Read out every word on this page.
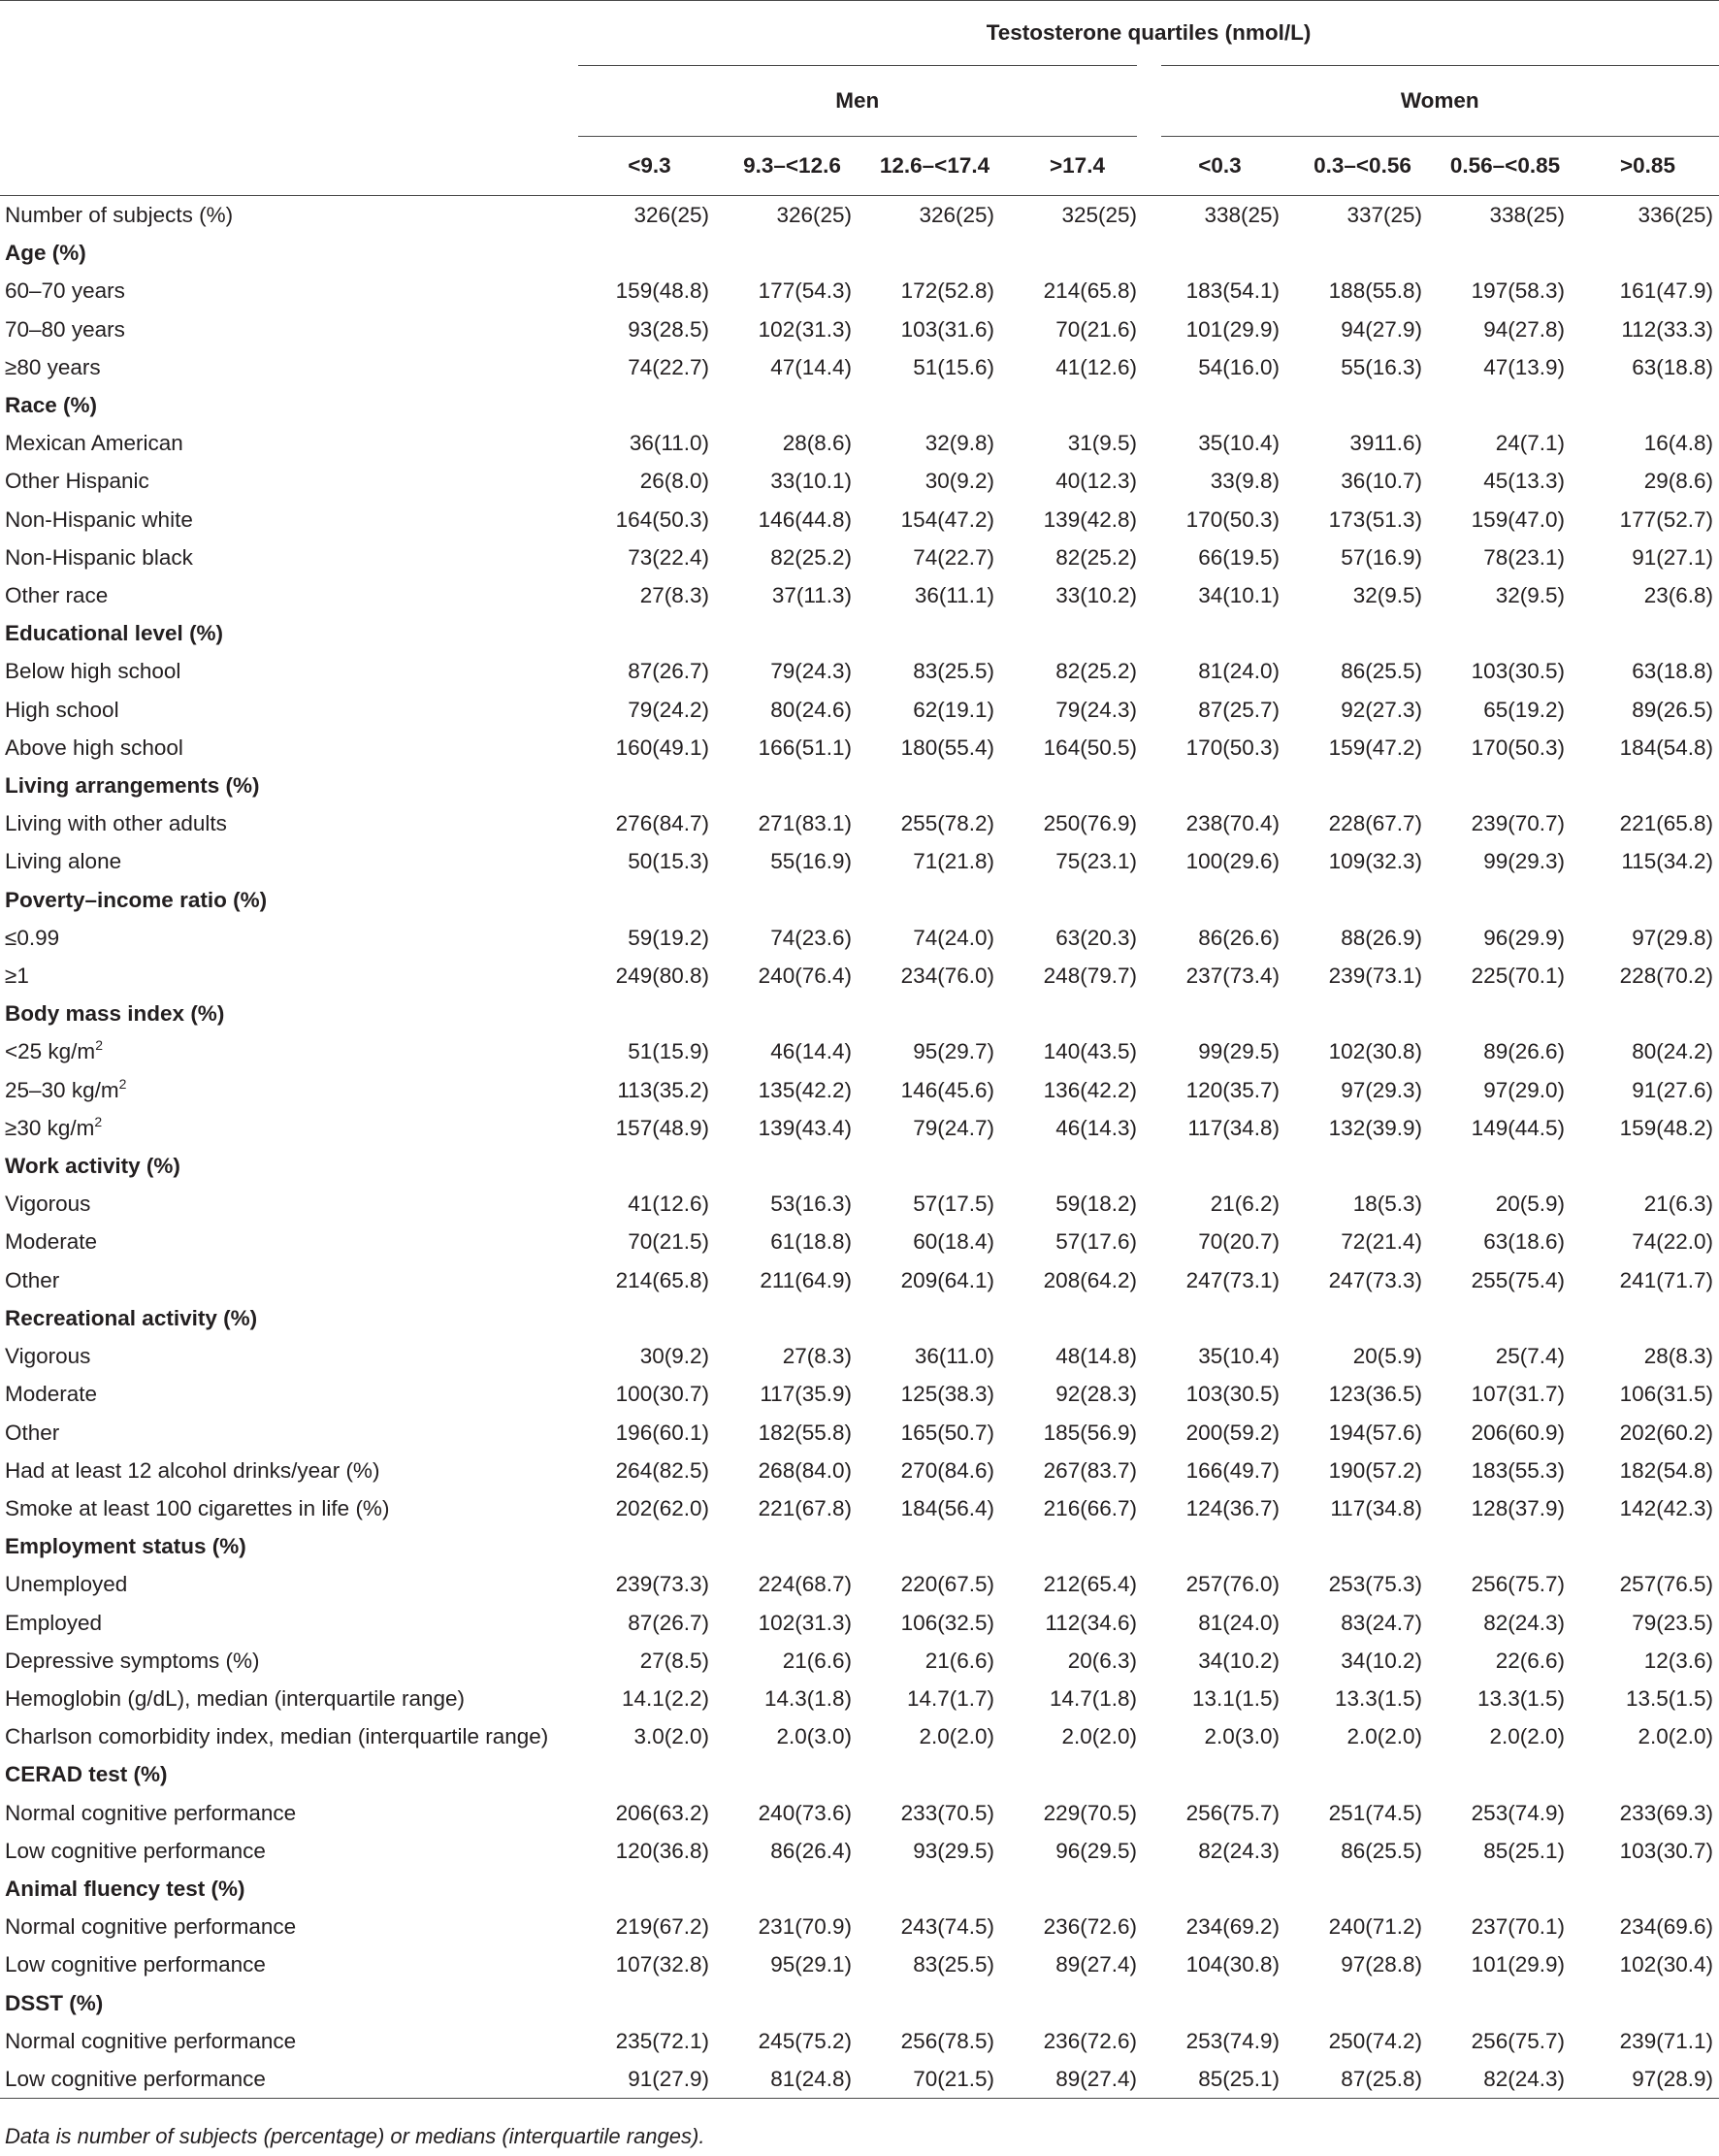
	Testosterone quartiles (nmol/L)							
	Men				Women			
	<9.3	9.3–<12.6	12.6–<17.4	>17.4	<0.3	0.3–<0.56	0.56–<0.85	>0.85
Number of subjects (%)	326(25)	326(25)	326(25)	325(25)	338(25)	337(25)	338(25)	336(25)
Age (%)								
60–70 years	159(48.8)	177(54.3)	172(52.8)	214(65.8)	183(54.1)	188(55.8)	197(58.3)	161(47.9)
70–80 years	93(28.5)	102(31.3)	103(31.6)	70(21.6)	101(29.9)	94(27.9)	94(27.8)	112(33.3)
≥80 years	74(22.7)	47(14.4)	51(15.6)	41(12.6)	54(16.0)	55(16.3)	47(13.9)	63(18.8)
Race (%)								
Mexican American	36(11.0)	28(8.6)	32(9.8)	31(9.5)	35(10.4)	3911.6)	24(7.1)	16(4.8)
Other Hispanic	26(8.0)	33(10.1)	30(9.2)	40(12.3)	33(9.8)	36(10.7)	45(13.3)	29(8.6)
Non-Hispanic white	164(50.3)	146(44.8)	154(47.2)	139(42.8)	170(50.3)	173(51.3)	159(47.0)	177(52.7)
Non-Hispanic black	73(22.4)	82(25.2)	74(22.7)	82(25.2)	66(19.5)	57(16.9)	78(23.1)	91(27.1)
Other race	27(8.3)	37(11.3)	36(11.1)	33(10.2)	34(10.1)	32(9.5)	32(9.5)	23(6.8)
Educational level (%)								
Below high school	87(26.7)	79(24.3)	83(25.5)	82(25.2)	81(24.0)	86(25.5)	103(30.5)	63(18.8)
High school	79(24.2)	80(24.6)	62(19.1)	79(24.3)	87(25.7)	92(27.3)	65(19.2)	89(26.5)
Above high school	160(49.1)	166(51.1)	180(55.4)	164(50.5)	170(50.3)	159(47.2)	170(50.3)	184(54.8)
Living arrangements (%)								
Living with other adults	276(84.7)	271(83.1)	255(78.2)	250(76.9)	238(70.4)	228(67.7)	239(70.7)	221(65.8)
Living alone	50(15.3)	55(16.9)	71(21.8)	75(23.1)	100(29.6)	109(32.3)	99(29.3)	115(34.2)
Poverty–income ratio (%)								
≤0.99	59(19.2)	74(23.6)	74(24.0)	63(20.3)	86(26.6)	88(26.9)	96(29.9)	97(29.8)
≥1	249(80.8)	240(76.4)	234(76.0)	248(79.7)	237(73.4)	239(73.1)	225(70.1)	228(70.2)
Body mass index (%)								
<25 $kg/m^2$	51(15.9)	46(14.4)	95(29.7)	140(43.5)	99(29.5)	102(30.8)	89(26.6)	80(24.2)
25–30 $kg/m^2$	113(35.2)	135(42.2)	146(45.6)	136(42.2)	120(35.7)	97(29.3)	97(29.0)	91(27.6)
≥30 $kg/m^2$	157(48.9)	139(43.4)	79(24.7)	46(14.3)	117(34.8)	132(39.9)	149(44.5)	159(48.2)
Work activity (%)								
Vigorous	41(12.6)	53(16.3)	57(17.5)	59(18.2)	21(6.2)	18(5.3)	20(5.9)	21(6.3)
Moderate	70(21.5)	61(18.8)	60(18.4)	57(17.6)	70(20.7)	72(21.4)	63(18.6)	74(22.0)
Other	214(65.8)	211(64.9)	209(64.1)	208(64.2)	247(73.1)	247(73.3)	255(75.4)	241(71.7)
Recreational activity (%)								
Vigorous	30(9.2)	27(8.3)	36(11.0)	48(14.8)	35(10.4)	20(5.9)	25(7.4)	28(8.3)
Moderate	100(30.7)	117(35.9)	125(38.3)	92(28.3)	103(30.5)	123(36.5)	107(31.7)	106(31.5)
Other	196(60.1)	182(55.8)	165(50.7)	185(56.9)	200(59.2)	194(57.6)	206(60.9)	202(60.2)
Had at least 12 alcohol drinks/year (%)	264(82.5)	268(84.0)	270(84.6)	267(83.7)	166(49.7)	190(57.2)	183(55.3)	182(54.8)
Smoke at least 100 cigarettes in life (%)	202(62.0)	221(67.8)	184(56.4)	216(66.7)	124(36.7)	117(34.8)	128(37.9)	142(42.3)
Employment status (%)								
Unemployed	239(73.3)	224(68.7)	220(67.5)	212(65.4)	257(76.0)	253(75.3)	256(75.7)	257(76.5)
Employed	87(26.7)	102(31.3)	106(32.5)	112(34.6)	81(24.0)	83(24.7)	82(24.3)	79(23.5)
Depressive symptoms (%)	27(8.5)	21(6.6)	21(6.6)	20(6.3)	34(10.2)	34(10.2)	22(6.6)	12(3.6)
Hemoglobin (g/dL), median (interquartile range)	14.1(2.2)	14.3(1.8)	14.7(1.7)	14.7(1.8)	13.1(1.5)	13.3(1.5)	13.3(1.5)	13.5(1.5)
Charlson comorbidity index, median (interquartile range)	3.0(2.0)	2.0(3.0)	2.0(2.0)	2.0(2.0)	2.0(3.0)	2.0(2.0)	2.0(2.0)	2.0(2.0)
CERAD test (%)								
Normal cognitive performance	206(63.2)	240(73.6)	233(70.5)	229(70.5)	256(75.7)	251(74.5)	253(74.9)	233(69.3)
Low cognitive performance	120(36.8)	86(26.4)	93(29.5)	96(29.5)	82(24.3)	86(25.5)	85(25.1)	103(30.7)
Animal fluency test (%)								
Normal cognitive performance	219(67.2)	231(70.9)	243(74.5)	236(72.6)	234(69.2)	240(71.2)	237(70.1)	234(69.6)
Low cognitive performance	107(32.8)	95(29.1)	83(25.5)	89(27.4)	104(30.8)	97(28.8)	101(29.9)	102(30.4)
DSST (%)								
Normal cognitive performance	235(72.1)	245(75.2)	256(78.5)	236(72.6)	253(74.9)	250(74.2)	256(75.7)	239(71.1)
Low cognitive performance	91(27.9)	81(24.8)	70(21.5)	89(27.4)	85(25.1)	87(25.8)	82(24.3)	97(28.9)
Data is number of subjects (percentage) or medians (interquartile ranges).
